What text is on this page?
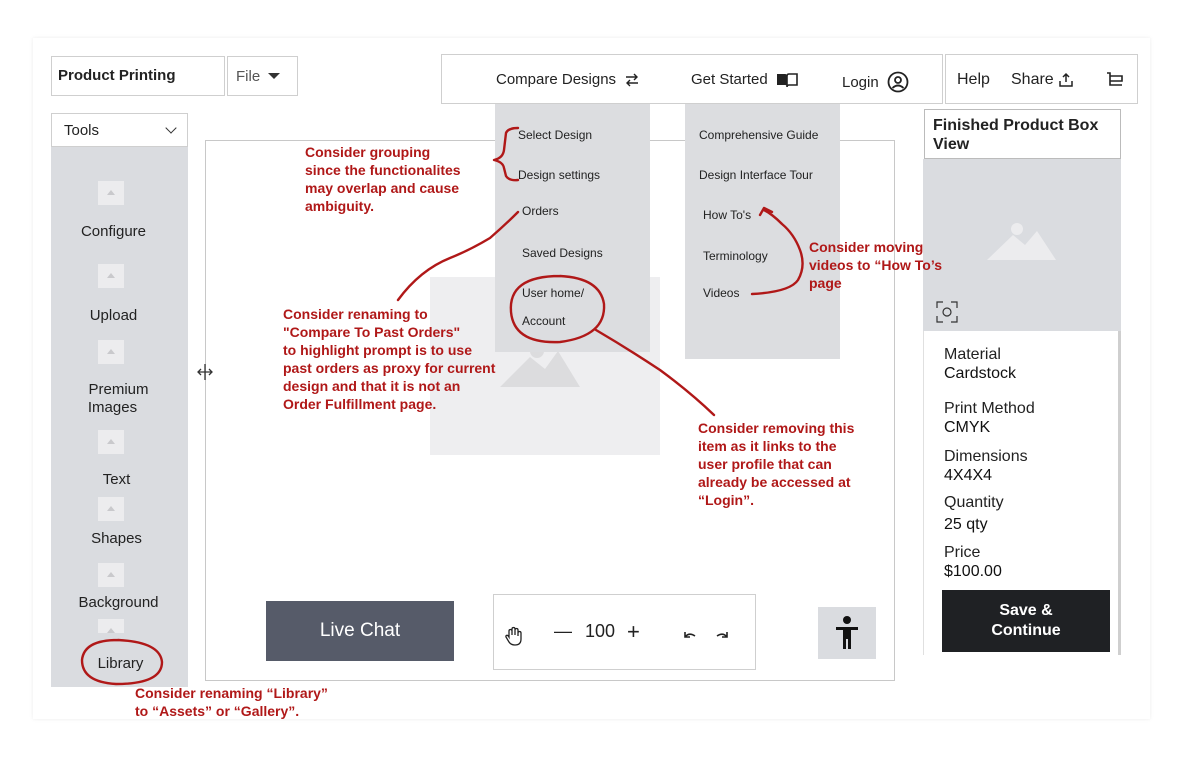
Product Printing	File	Compare Designs	Get Started	Login	Help Share
Tools
Configure
Upload
Premium
Images
Text
Shapes
Background
Library
Select Design
Design settings
Orders
Saved Designs
User home/
Account
Comprehensive Guide
Design Interface Tour
How To's
Terminology
Videos
Live Chat	— 100 +
Finished Product Box
View
Material
Cardstock
Print Method
CMYK
Dimensions
4X4X4
Quantity
25 qty
Price
$100.00
Save &
Continue
Consider grouping
since the functionalites
may overlap and cause
ambiguity.
Consider renaming to
"Compare To Past Orders"
to highlight prompt is to use
past orders as proxy for current
design and that it is not an
Order Fulfillment page.
Consider removing this
item as it links to the
user profile that can
already be accessed at
“Login”.
Consider moving
videos to “How To’s
page
Consider renaming “Library”
to “Assets” or “Gallery”.
